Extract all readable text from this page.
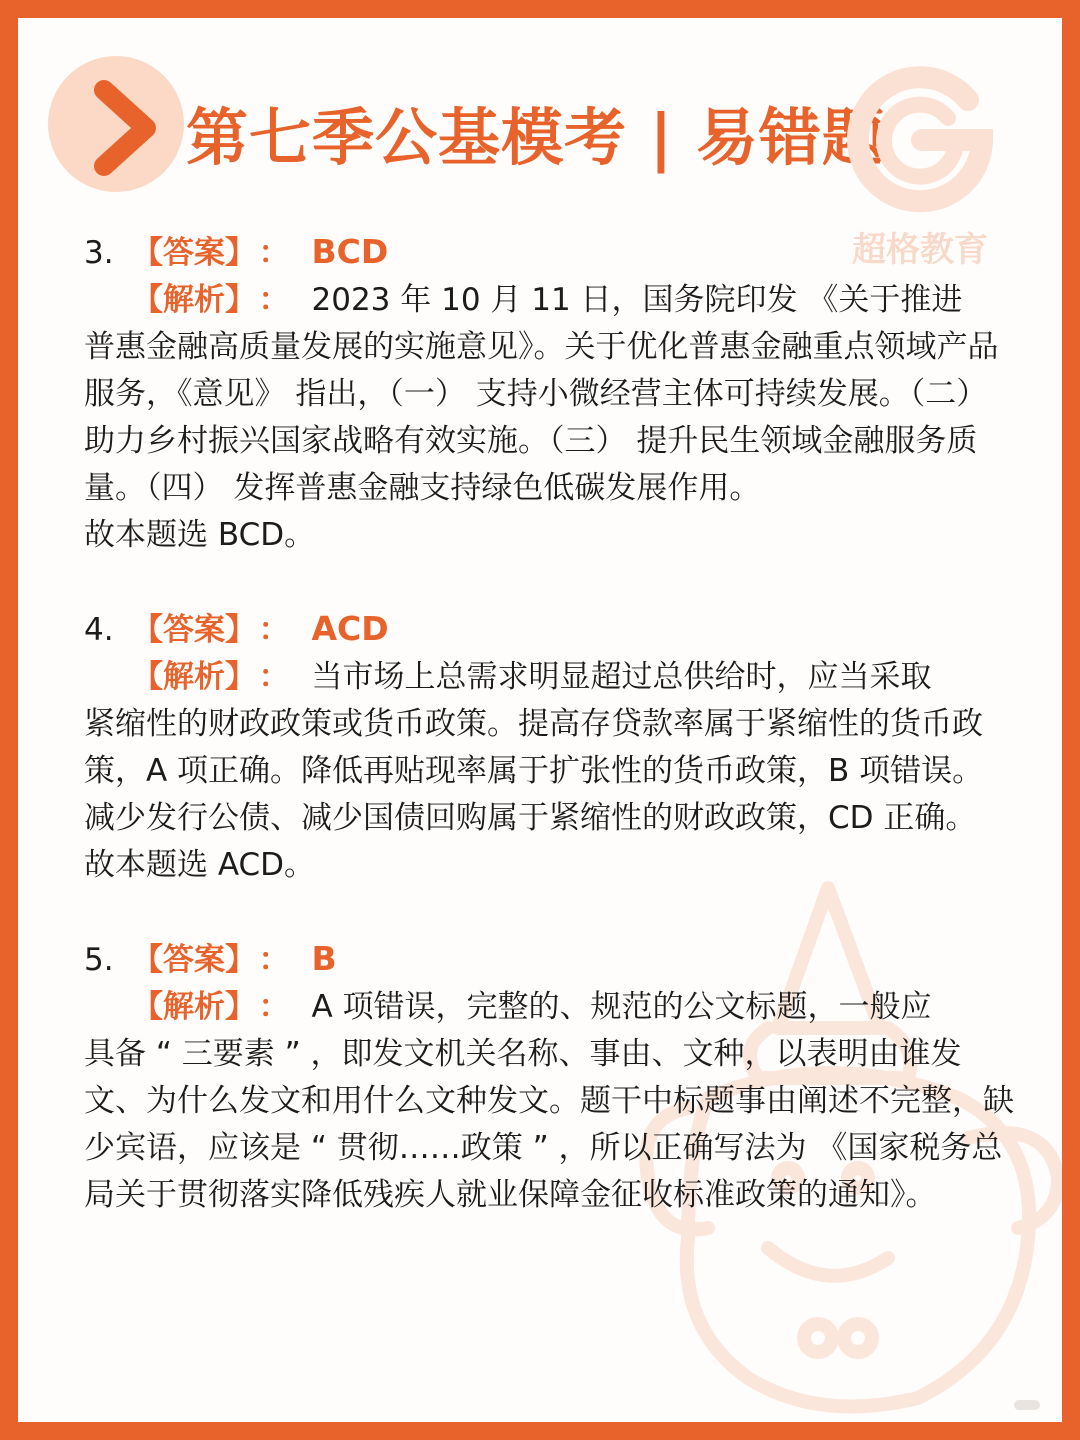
第七季公基模考 | 易错题
超格教育
3. 【答案】 ： BCD
【解析】 ： 2023 年 10 月 11 日，国务院印发 《关于推进
普惠金融高质量发展的实施意见》。关于优化普惠金融重点领域产品服务，《意见》 指出，（一） 支持小微经营主体可持续发展。（二） 助力乡村振兴国家战略有效实施。（三） 提升民生领域金融服务质量。（四） 发挥普惠金融支持绿色低碳发展作用。
故本题选 BCD。
4. 【答案】 ： ACD
【解析】 ： 当市场上总需求明显超过总供给时，应当采取
紧缩性的财政政策或货币政策。提高存贷款率属于紧缩性的货币政策，A 项正确。降低再贴现率属于扩张性的货币政策，B 项错误。减少发行公债、减少国债回购属于紧缩性的财政政策，CD 正确。
故本题选 ACD。
5. 【答案】 ： B
【解析】 ： A 项错误，完整的、规范的公文标题，一般应
具备 “ 三要素 ” ，即发文机关名称、事由、文种，以表明由谁发文、为什么发文和用什么文种发文。题干中标题事由阐述不完整，缺少宾语，应该是 “ 贯彻……政策 ” ，所以正确写法为 《国家税务总局关于贯彻落实降低残疾人就业保障金征收标准政策的通知》。
